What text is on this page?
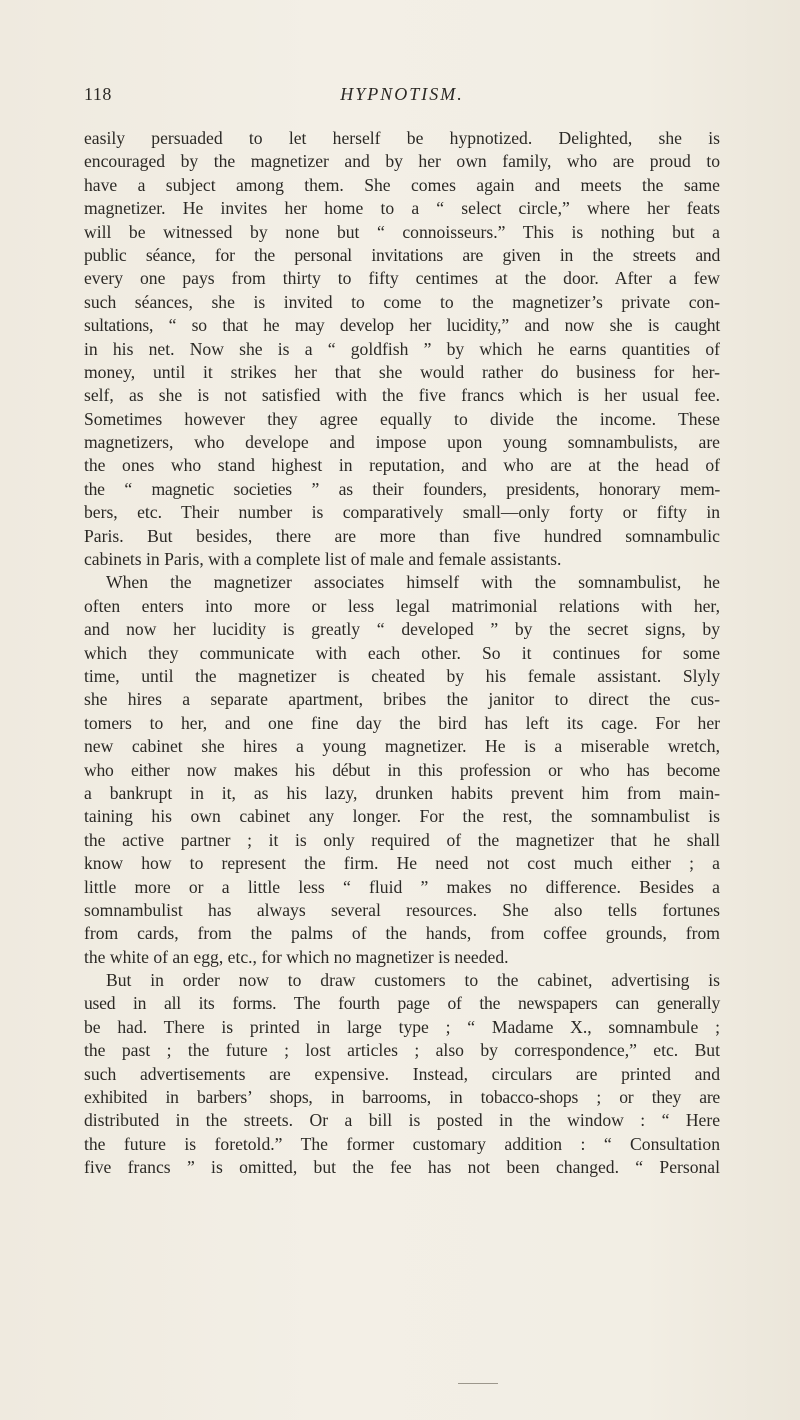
118	HYPNOTISM.

easily persuaded to let herself be hypnotized. Delighted, she is

encouraged by the magnetizer and by her own family, who are proud to

have a subject among them. She comes again and meets the same

magnetizer. He invites her home to a “ select circle,” where her feats

will be witnessed by none but “ connoisseurs.” This is nothing but a

public séance, for the personal invitations are given in the streets and

every one pays from thirty to fifty centimes at the door. After a few

such séances, she is invited to come to the magnetizer’s private con-

sultations, “ so that he may develop her lucidity,” and now she is caught

in his net. Now she is a “ goldfish ” by which he earns quantities of

money, until it strikes her that she would rather do business for her-

self, as she is not satisfied with the five francs which is her usual fee.

Sometimes however they agree equally to divide the income. These

magnetizers, who develope and impose upon young somnambulists, are

the ones who stand highest in reputation, and who are at the head of

the “ magnetic societies ” as their founders, presidents, honorary mem-

bers, etc. Their number is comparatively small—only forty or fifty in

Paris. But besides, there are more than five hundred somnambulic

cabinets in Paris, with a complete list of male and female assistants.

When the magnetizer associates himself with the somnambulist, he

often enters into more or less legal matrimonial relations with her,

and now her lucidity is greatly “ developed ” by the secret signs, by

which they communicate with each other. So it continues for some

time, until the magnetizer is cheated by his female assistant. Slyly

she hires a separate apartment, bribes the janitor to direct the cus-

tomers to her, and one fine day the bird has left its cage. For her

new cabinet she hires a young magnetizer. He is a miserable wretch,

who either now makes his début in this profession or who has become

a bankrupt in it, as his lazy, drunken habits prevent him from main-

taining his own cabinet any longer. For the rest, the somnambulist is

the active partner ; it is only required of the magnetizer that he shall

know how to represent the firm. He need not cost much either ; a

little more or a little less “ fluid ” makes no difference. Besides a

somnambulist has always several resources. She also tells fortunes

from cards, from the palms of the hands, from coffee grounds, from

the white of an egg, etc., for which no magnetizer is needed.

But in order now to draw customers to the cabinet, advertising is

used in all its forms. The fourth page of the newspapers can generally

be had. There is printed in large type ; “ Madame X., somnambule ;

the past ; the future ; lost articles ; also by correspondence,” etc. But

such advertisements are expensive. Instead, circulars are printed and

exhibited in barbers’ shops, in barrooms, in tobacco-shops ; or they are

distributed in the streets. Or a bill is posted in the window : “ Here

the future is foretold.” The former customary addition : “ Consultation

five francs ” is omitted, but the fee has not been changed. “ Personal
